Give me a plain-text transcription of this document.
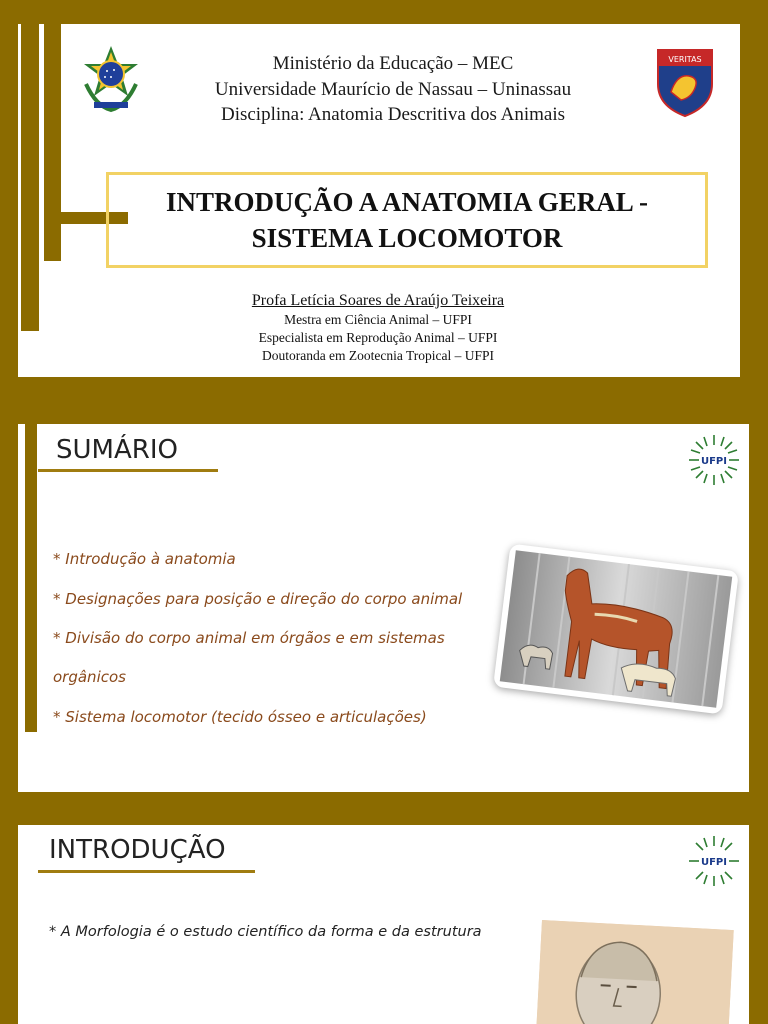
Ministério da Educação – MEC
Universidade Maurício de Nassau – Uninassau
Disciplina: Anatomia Descritiva dos Animais
VERITAS
INTRODUÇÃO A ANATOMIA GERAL -
SISTEMA LOCOMOTOR
Profa Letícia Soares de Araújo Teixeira
Mestra em Ciência Animal – UFPI
Especialista em Reprodução Animal – UFPI
Doutoranda em Zootecnia Tropical – UFPI
SUMÁRIO	UFPI
* Introdução à anatomia
* Designações para posição e direção do corpo animal
* Divisão do corpo animal em órgãos e em sistemas
orgânicos
* Sistema locomotor (tecido ósseo e articulações)
INTRODUÇÃO	UFPI
* A Morfologia é o estudo científico da forma e da estrutura
